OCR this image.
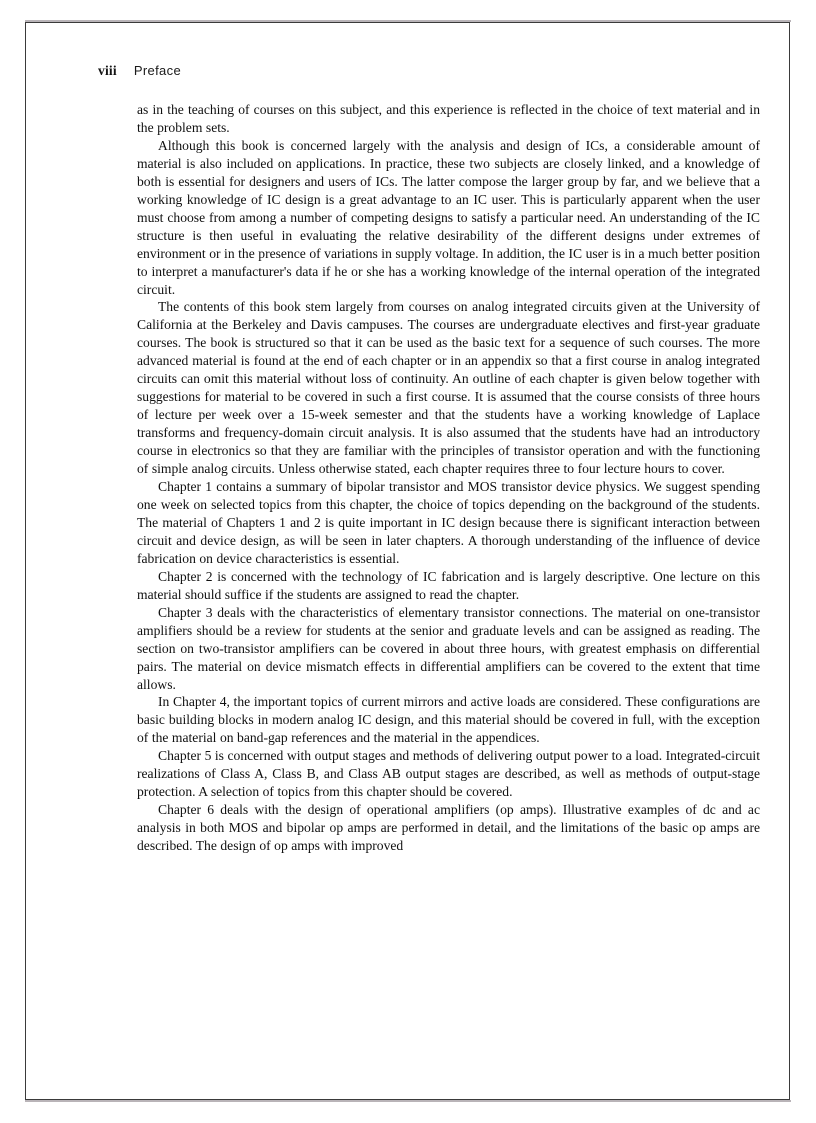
viii Preface

as in the teaching of courses on this subject, and this experience is reflected in the choice of text material and in the problem sets.

Although this book is concerned largely with the analysis and design of ICs, a considerable amount of material is also included on applications. In practice, these two subjects are closely linked, and a knowledge of both is essential for designers and users of ICs. The latter compose the larger group by far, and we believe that a working knowledge of IC design is a great advantage to an IC user. This is particularly apparent when the user must choose from among a number of competing designs to satisfy a particular need. An understanding of the IC structure is then useful in evaluating the relative desirability of the different designs under extremes of environment or in the presence of variations in supply voltage. In addition, the IC user is in a much better position to interpret a manufacturer's data if he or she has a working knowledge of the internal operation of the integrated circuit.

The contents of this book stem largely from courses on analog integrated circuits given at the University of California at the Berkeley and Davis campuses. The courses are undergraduate electives and first-year graduate courses. The book is structured so that it can be used as the basic text for a sequence of such courses. The more advanced material is found at the end of each chapter or in an appendix so that a first course in analog integrated circuits can omit this material without loss of continuity. An outline of each chapter is given below together with suggestions for material to be covered in such a first course. It is assumed that the course consists of three hours of lecture per week over a 15-week semester and that the students have a working knowledge of Laplace transforms and frequency-domain circuit analysis. It is also assumed that the students have had an introductory course in electronics so that they are familiar with the principles of transistor operation and with the functioning of simple analog circuits. Unless otherwise stated, each chapter requires three to four lecture hours to cover.

Chapter 1 contains a summary of bipolar transistor and MOS transistor device physics. We suggest spending one week on selected topics from this chapter, the choice of topics depending on the background of the students. The material of Chapters 1 and 2 is quite important in IC design because there is significant interaction between circuit and device design, as will be seen in later chapters. A thorough understanding of the influence of device fabrication on device characteristics is essential.

Chapter 2 is concerned with the technology of IC fabrication and is largely descriptive. One lecture on this material should suffice if the students are assigned to read the chapter.

Chapter 3 deals with the characteristics of elementary transistor connections. The material on one-transistor amplifiers should be a review for students at the senior and graduate levels and can be assigned as reading. The section on two-transistor amplifiers can be covered in about three hours, with greatest emphasis on differential pairs. The material on device mismatch effects in differential amplifiers can be covered to the extent that time allows.

In Chapter 4, the important topics of current mirrors and active loads are considered. These configurations are basic building blocks in modern analog IC design, and this material should be covered in full, with the exception of the material on band-gap references and the material in the appendices.

Chapter 5 is concerned with output stages and methods of delivering output power to a load. Integrated-circuit realizations of Class A, Class B, and Class AB output stages are described, as well as methods of output-stage protection. A selection of topics from this chapter should be covered.

Chapter 6 deals with the design of operational amplifiers (op amps). Illustrative examples of dc and ac analysis in both MOS and bipolar op amps are performed in detail, and the limitations of the basic op amps are described. The design of op amps with improved
